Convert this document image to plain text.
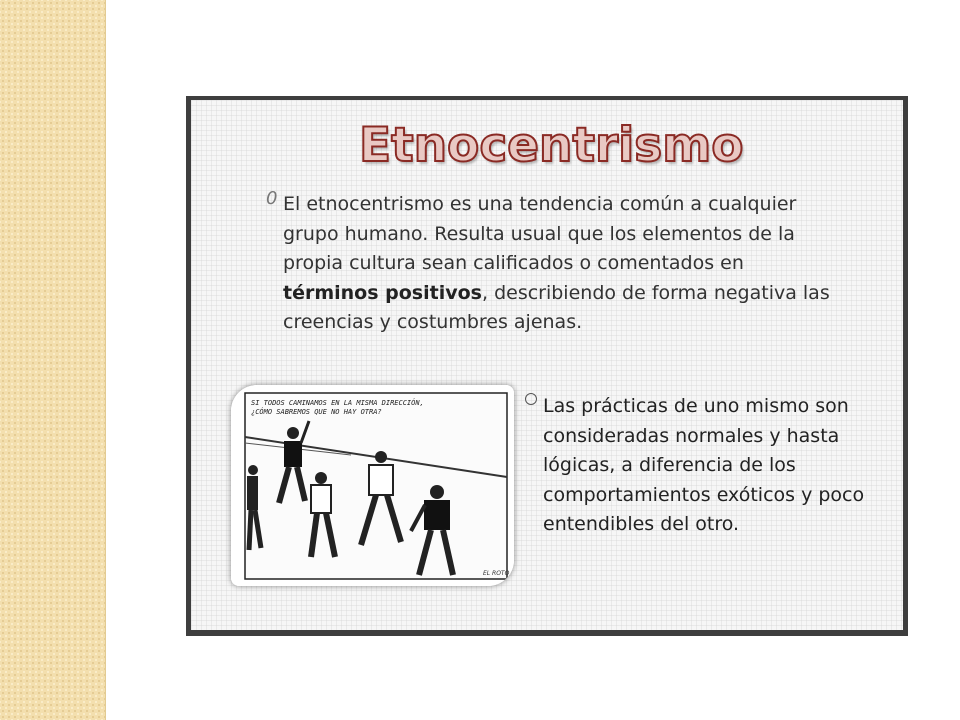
Etnocentrismo
0 El etnocentrismo es una tendencia común a cualquier grupo humano. Resulta usual que los elementos de la propia cultura sean calificados o comentados en términos positivos, describiendo de forma negativa las creencias y costumbres ajenas.
SI TODOS CAMINAMOS EN LA MISMA DIRECCIÓN,
¿CÓMO SABREMOS QUE NO HAY OTRA?
EL ROTO
Las prácticas de uno mismo son consideradas normales y hasta lógicas, a diferencia de los comportamientos exóticos y poco entendibles del otro.
